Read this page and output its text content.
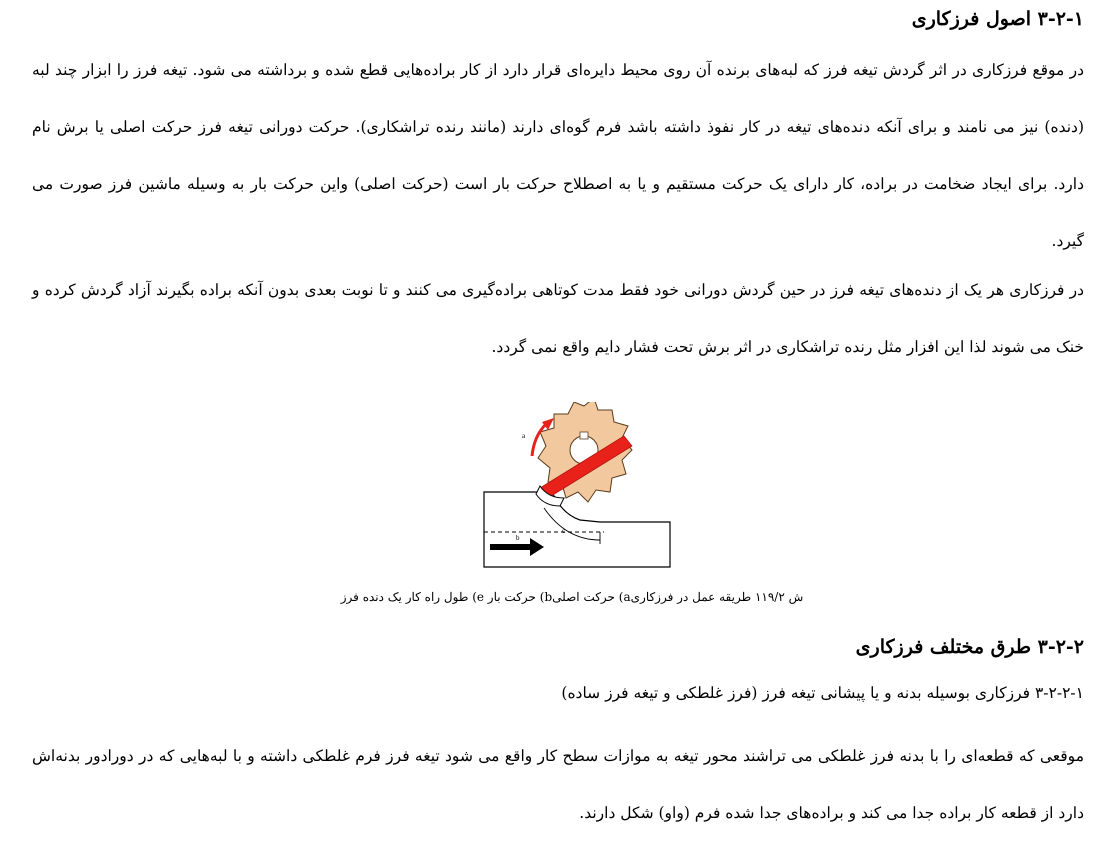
۳-۲-۱ اصول فرزکاری

در موقع فرزکاری در اثر گردش تیغه فرز که لبه‌های برنده آن روی محیط دایره‌ای قرار دارد از کار براده‌هایی قطع شده و برداشته می شود. تیغه فرز را ابزار چند لبه (دنده) نیز می نامند و برای آنکه دنده‌های تیغه در کار نفوذ داشته باشد فرم گوه‌ای دارند (مانند رنده تراشکاری). حرکت دورانی تیغه فرز حرکت اصلی یا برش نام دارد. برای ایجاد ضخامت در براده، کار دارای یک حرکت مستقیم و یا به اصطلاح حرکت بار است (حرکت اصلی) واین حرکت بار به وسیله ماشین فرز صورت می گیرد.

در فرزکاری هر یک از دنده‌های تیغه فرز در حین گردش دورانی خود فقط مدت کوتاهی براده‌گیری می کنند و تا نوبت بعدی بدون آنکه براده بگیرند آزاد گردش کرده و خنک می شوند لذا این افزار مثل رنده تراشکاری در اثر برش تحت فشار دایم واقع نمی گردد.

a
b
c
ش ۱۱۹/۲ طریقه عمل در فرزکاریa) حرکت اصلیb) حرکت بار e) طول راه کار یک دنده فرز
۳-۲-۲ طرق مختلف فرزکاری
۳-۲-۲-۱ فرزکاری بوسیله بدنه و یا پیشانی تیغه فرز (فرز غلطکی و تیغه فرز ساده)

موقعی که قطعه‌ای را با بدنه فرز غلطکی می تراشند محور تیغه به موازات سطح کار واقع می شود تیغه فرز فرم غلطکی داشته و با لبه‌هایی که در دورادور بدنه‌اش دارد از قطعه کار براده جدا می کند و براده‌های جدا شده فرم (واو) شکل دارند.
